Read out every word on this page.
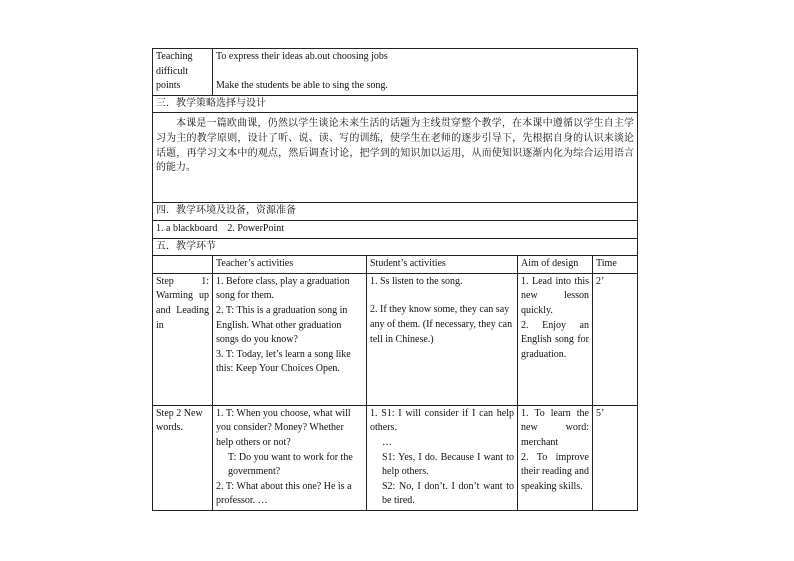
Teaching difficult points	To express their ideas ab.out choosing jobs
Make the students be able to sing the song.			

三．教学策略选择与设计				

本课是一篇欧曲课，仍然以学生谈论未来生活的话题为主线贯穿整个教学，在本课中遵循以学生自主学习为主的教学原则，设计了听、说、读、写的训练，使学生在老师的逐步引导下，先根据自身的认识来谈论话题，再学习文本中的观点，然后调查讨论，把学到的知识加以运用，从而使知识逐渐内化为综合运用语言的能力。				

四．教学环境及设备，资源准备				
1. a blackboard    2. PowerPoint				
五．教学环节				
	Teacher’s activities	Student’s activities	Aim of design	Time
Step 1: Warming up and Leading in	1. Before class, play a graduation song for them.
2. T: This is a graduation song in English. What other graduation songs do you know?
3. T: Today, let’s learn a song like this: Keep Your Choices Open.	1. Ss listen to the song.
2. If they know some, they can say any of them. (If necessary, they can tell in Chinese.)	1. Lead into this new lesson quickly.
2. Enjoy an English song for graduation.	2’
Step 2 New words.	1. T: When you choose, what will you consider? Money? Whether help others or not?
T: Do you want to work for the government?
2. T: What about this one? He is a professor. …	1. S1: I will consider if I can help others.
…
S1: Yes, I do. Because I want to help others.
S2: No, I don’t. I don’t want to be tired.	1. To learn the new word: merchant
2. To improve their reading and speaking skills.	5’
